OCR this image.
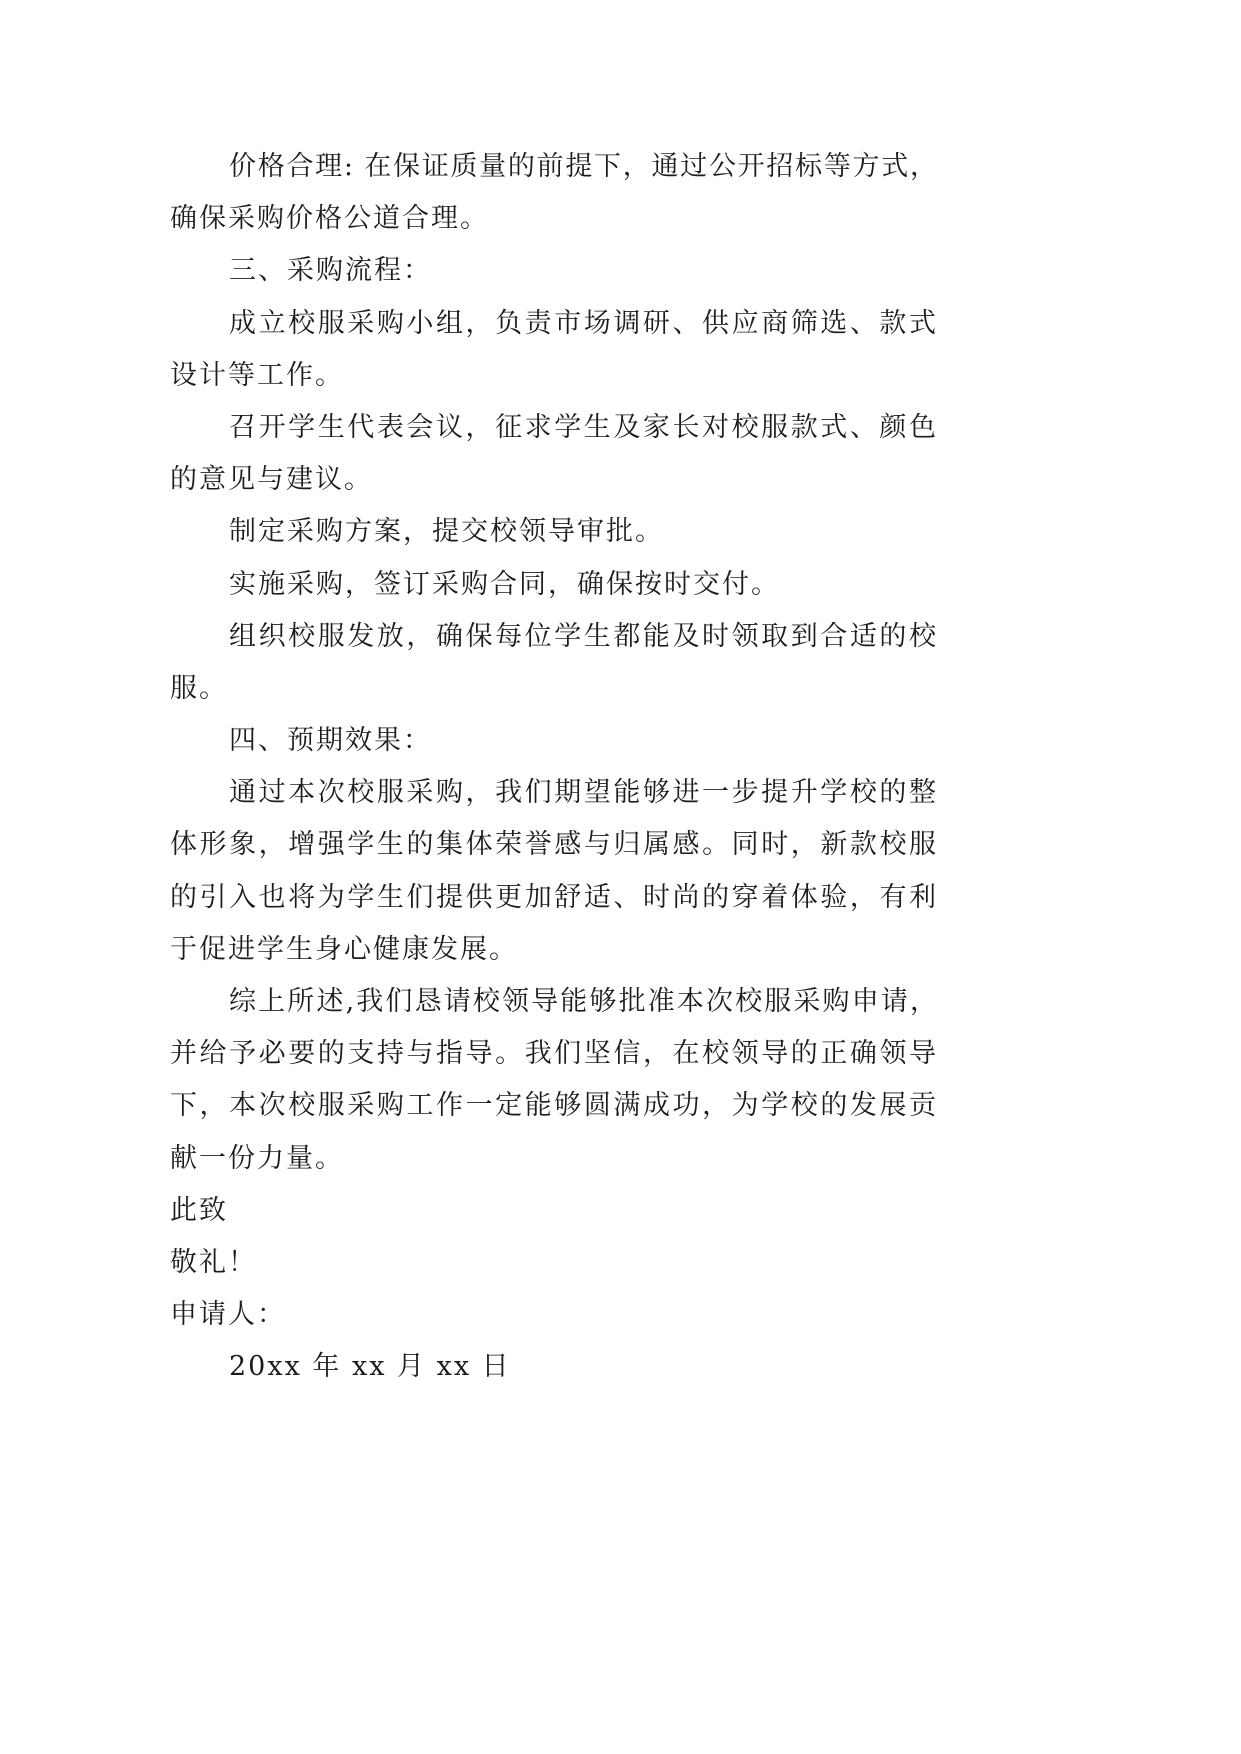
价格合理: 在保证质量的前提下，通过公开招标等方式，
确保采购价格公道合理。
三、采购流程：
成立校服采购小组，负责市场调研、供应商筛选、款式
设计等工作。
召开学生代表会议，征求学生及家长对校服款式、颜色
的意见与建议。
制定采购方案，提交校领导审批。
实施采购，签订采购合同，确保按时交付。
组织校服发放，确保每位学生都能及时领取到合适的校
服。
四、预期效果：
通过本次校服采购，我们期望能够进一步提升学校的整
体形象，增强学生的集体荣誉感与归属感。同时，新款校服
的引入也将为学生们提供更加舒适、时尚的穿着体验，有利
于促进学生身心健康发展。
综上所述,我们恳请校领导能够批准本次校服采购申请，
并给予必要的支持与指导。我们坚信，在校领导的正确领导
下，本次校服采购工作一定能够圆满成功，为学校的发展贡
献一份力量。
此致
敬礼！
申请人：
20xx 年 xx 月 xx 日
